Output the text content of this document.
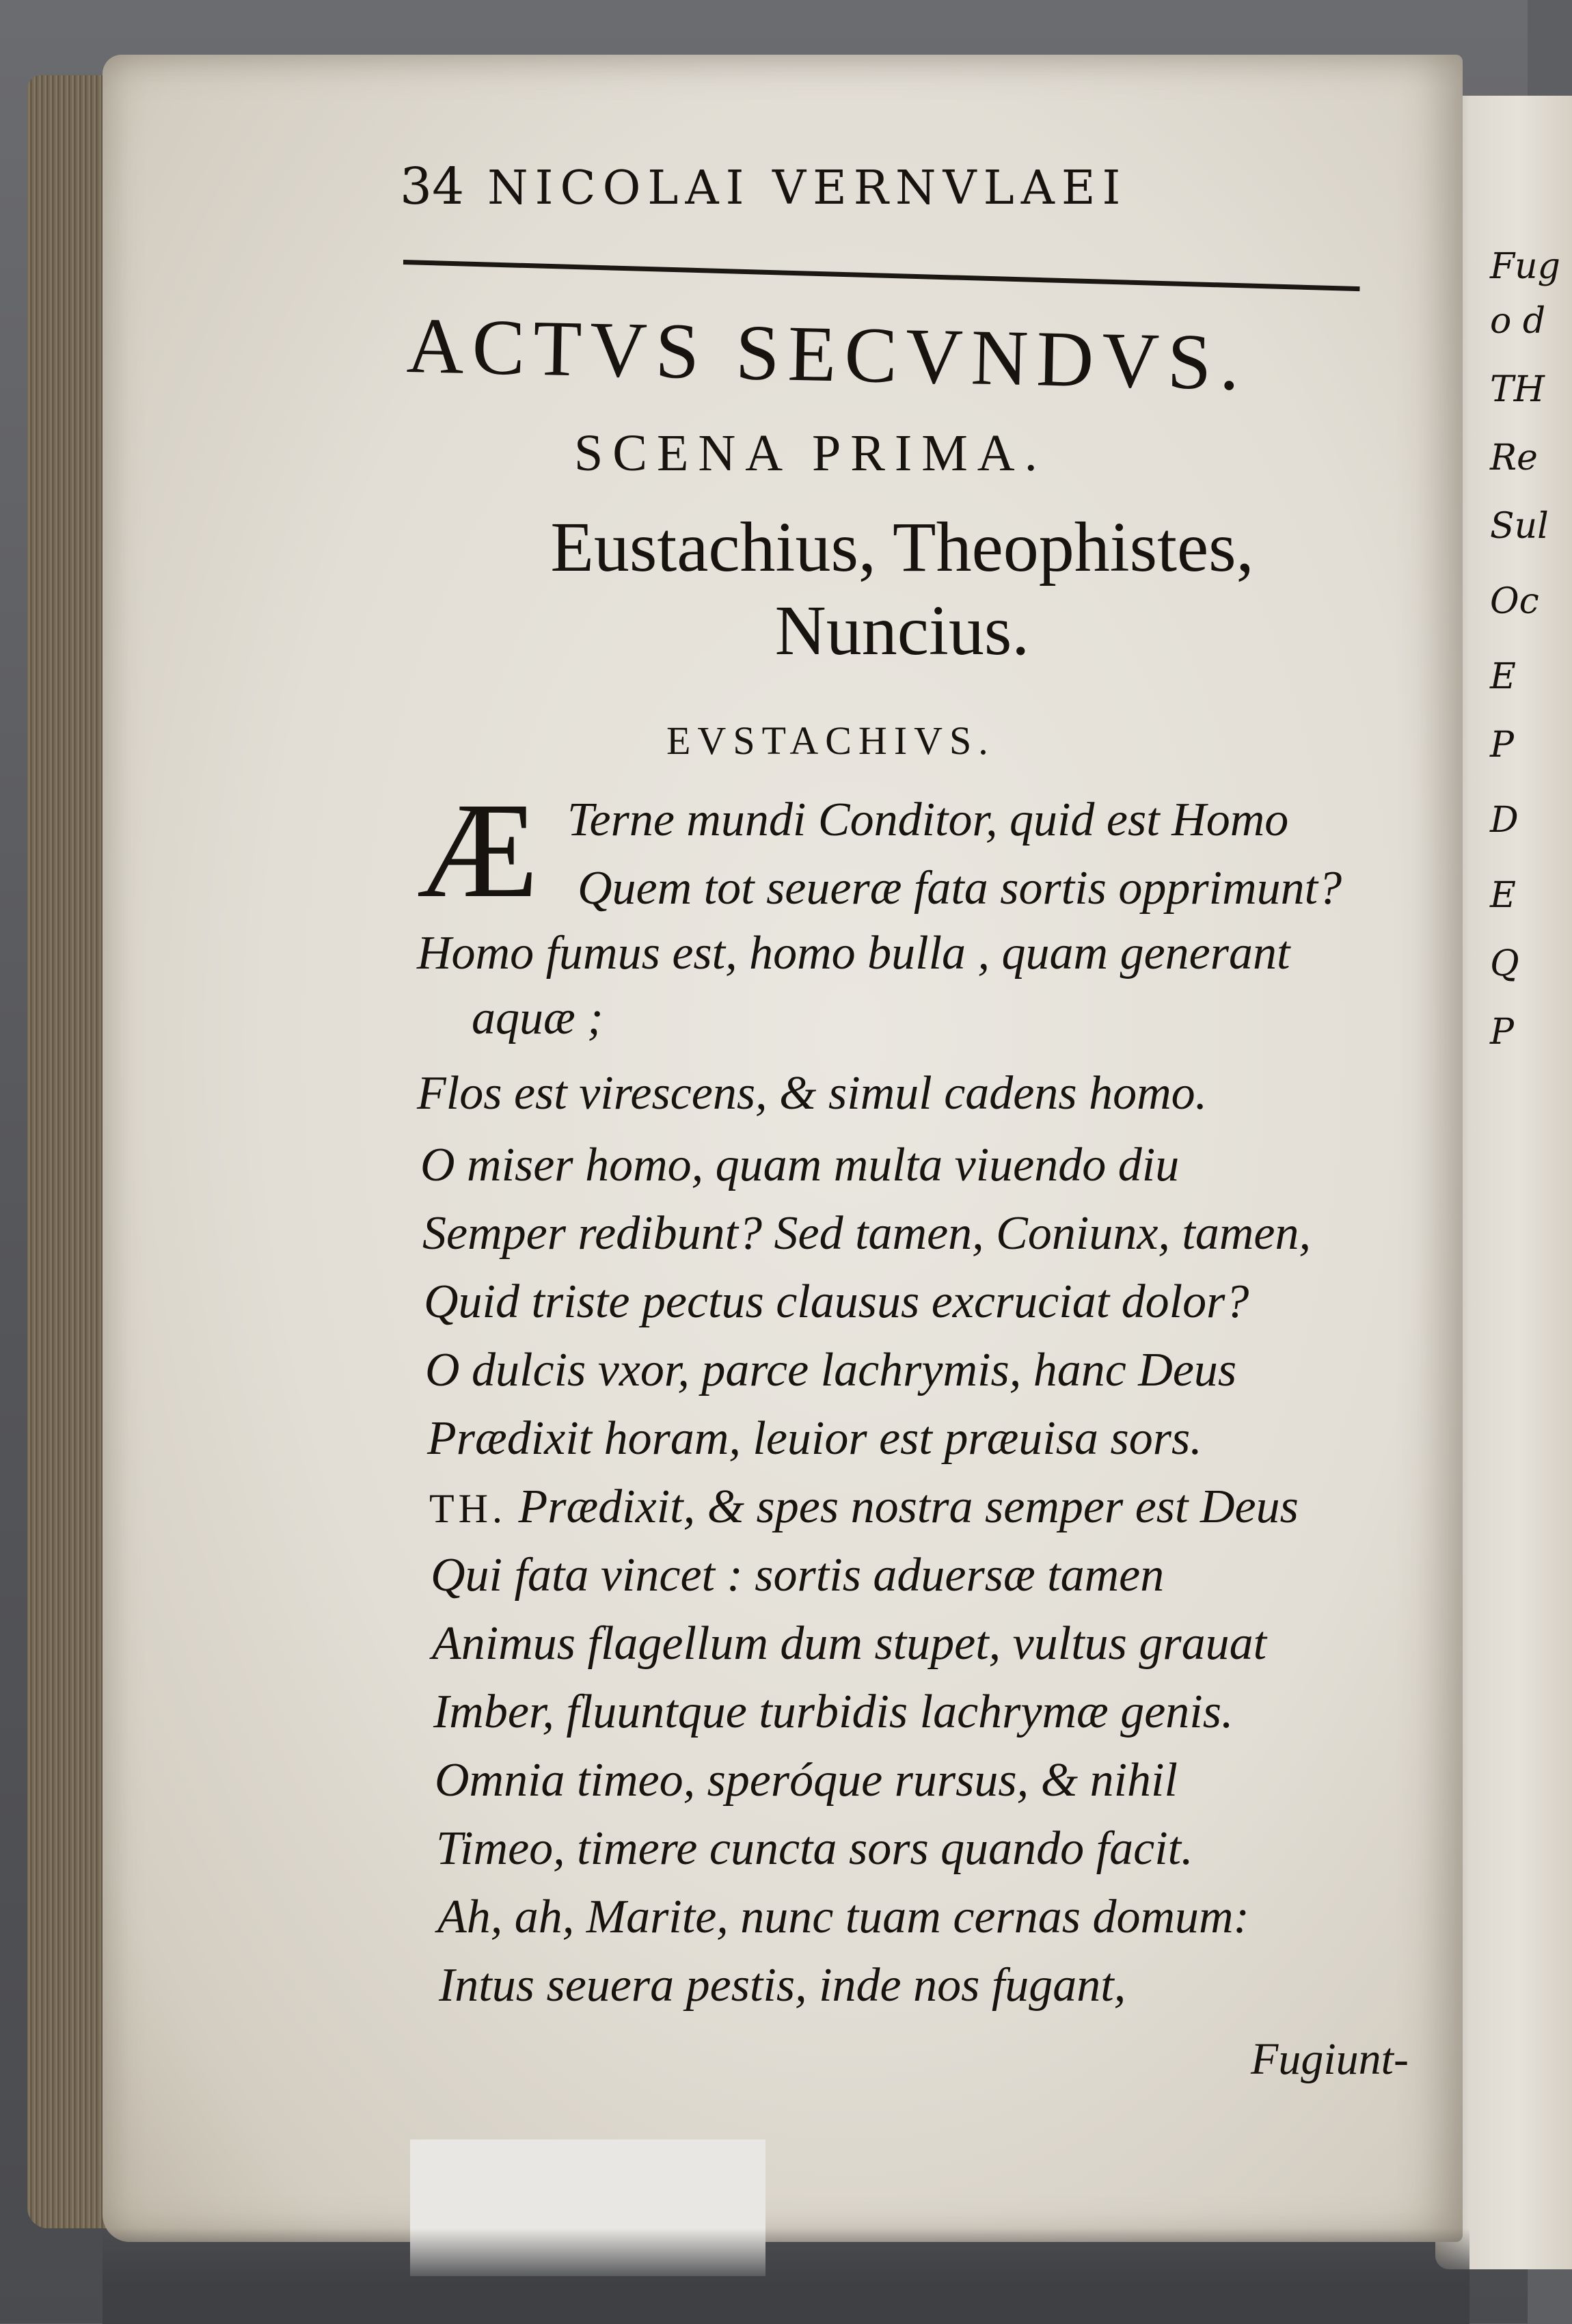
Fug
o d
TH
Re
Sul
Oc
E
P
D
E
Q
P
34 NICOLAI VERNVLAEI
ACTVS SECVNDVS.
SCENA PRIMA.
Eustachius, Theophistes,
Nuncius.
EVSTACHIVS.
Æ Terne mundi Conditor, quid est Homo
Quem tot seueræ fata sortis opprimunt?
Homo fumus est, homo bulla , quam generant
aquæ ;
Flos est virescens, & simul cadens homo.
O miser homo, quam multa viuendo diu
Semper redibunt? Sed tamen, Coniunx, tamen,
Quid triste pectus clausus excruciat dolor?
O dulcis vxor, parce lachrymis, hanc Deus
Prædixit horam, leuior est præuisa sors.
TH. Prædixit, & spes nostra semper est Deus
Qui fata vincet : sortis aduersæ tamen
Animus flagellum dum stupet, vultus grauat
Imber, fluuntque turbidis lachrymæ genis.
Omnia timeo, speróque rursus, & nihil
Timeo, timere cuncta sors quando facit.
Ah, ah, Marite, nunc tuam cernas domum:
Intus seuera pestis, inde nos fugant,
Fugiunt-
